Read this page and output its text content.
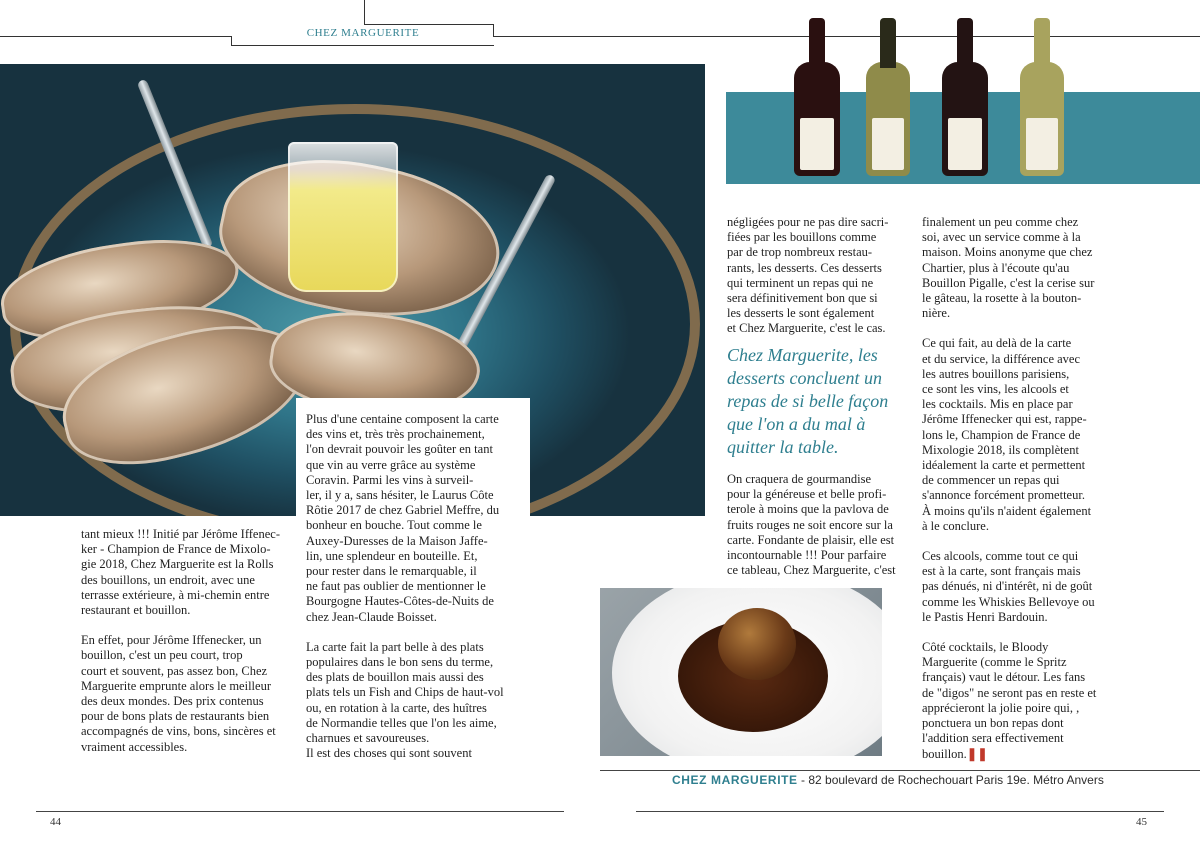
CHEZ MARGUERITE

tant mieux !!! Initié par Jérôme Iffenec-
ker - Champion de France de Mixolo-
gie 2018, Chez Marguerite est la Rolls
des bouillons, un endroit, avec une
terrasse extérieure, à mi-chemin entre
restaurant et bouillon.

En effet, pour Jérôme Iffenecker, un
bouillon, c'est un peu court, trop
court et souvent, pas assez bon, Chez
Marguerite emprunte alors le meilleur
des deux mondes. Des prix contenus
pour de bons plats de restaurants bien
accompagnés de vins, bons, sincères et
vraiment accessibles.

Plus d'une centaine composent la carte
des vins et, très très prochainement,
l'on devrait pouvoir les goûter en tant
que vin au verre grâce au système
Coravin. Parmi les vins à surveil-
ler, il y a, sans hésiter, le Laurus Côte
Rôtie 2017 de chez Gabriel Meffre, du
bonheur en bouche. Tout comme le
Auxey-Duresses de la Maison Jaffe-
lin, une splendeur en bouteille. Et,
pour rester dans le remarquable, il
ne faut pas oublier de mentionner le
Bourgogne Hautes-Côtes-de-Nuits de
chez Jean-Claude Boisset.

La carte fait la part belle à des plats
populaires dans le bon sens du terme,
des plats de bouillon mais aussi des
plats tels un Fish and Chips de haut-vol
ou, en rotation à la carte, des huîtres
de Normandie telles que l'on les aime,
charnues et savoureuses.
Il est des choses qui sont souvent

négligées pour ne pas dire sacri-
fiées par les bouillons comme
par de trop nombreux restau-
rants, les desserts. Ces desserts
qui terminent un repas qui ne
sera définitivement bon que si
les desserts le sont également
et Chez Marguerite, c'est le cas.

Chez Marguerite, les
desserts concluent un
repas de si belle façon
que l'on a du mal à
quitter la table.

On craquera de gourmandise
pour la généreuse et belle profi-
terole à moins que la pavlova de
fruits rouges ne soit encore sur la
carte. Fondante de plaisir, elle est
incontournable !!! Pour parfaire
ce tableau, Chez Marguerite, c'est

finalement un peu comme chez
soi, avec un service comme à la
maison. Moins anonyme que chez
Chartier, plus à l'écoute qu'au
Bouillon Pigalle, c'est la cerise sur
le gâteau, la rosette à la bouton-
nière.

Ce qui fait, au delà de la carte
et du service, la différence avec
les autres bouillons parisiens,
ce sont les vins, les alcools et
les cocktails. Mis en place par
Jérôme Iffenecker qui est, rappe-
lons le, Champion de France de
Mixologie 2018, ils complètent
idéalement la carte et permettent
de commencer un repas qui
s'annonce forcément prometteur.
À moins qu'ils n'aident également
à le conclure.

Ces alcools, comme tout ce qui
est à la carte, sont français mais
pas dénués, ni d'intérêt, ni de goût
comme les Whiskies Bellevoye ou
le Pastis Henri Bardouin.

Côté cocktails, le Bloody
Marguerite (comme le Spritz
français) vaut le détour. Les fans
de "digos" ne seront pas en reste et
apprécieront la jolie poire qui, ,
ponctuera un bon repas dont
l'addition sera effectivement
bouillon.❚❚

CHEZ MARGUERITE - 82 boulevard de Rochechouart Paris 19e. Métro Anvers
44	45
